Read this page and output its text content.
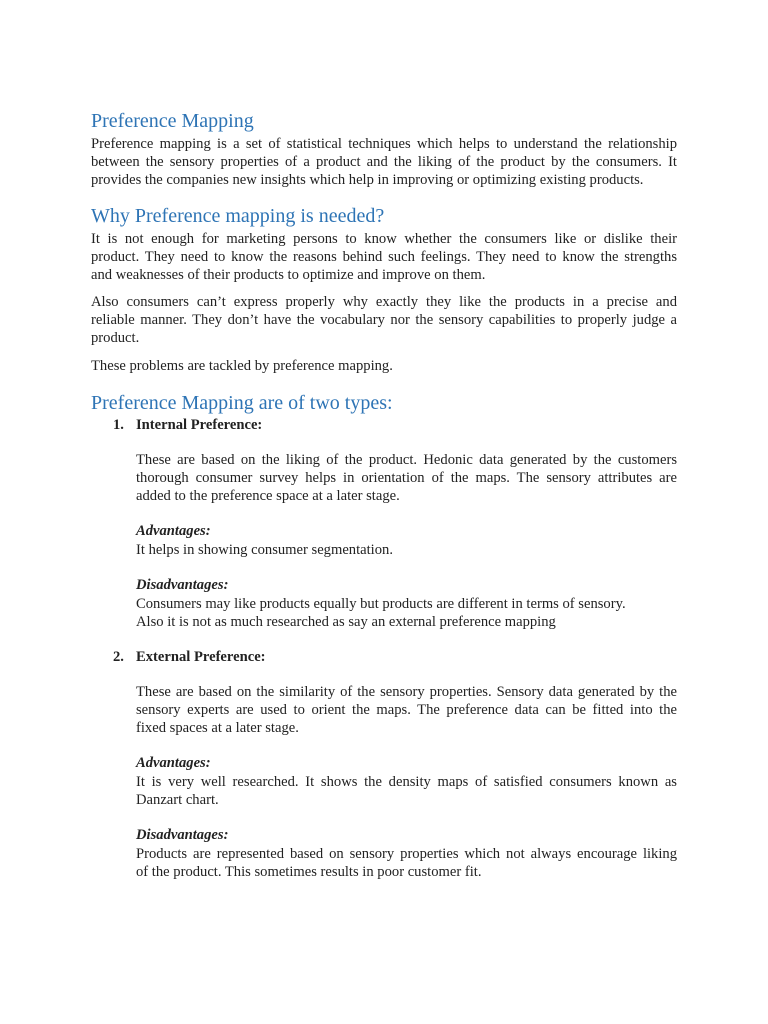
Preference Mapping
Preference mapping is a set of statistical techniques which helps to understand the relationship
between the sensory properties of a product and the liking of the product by the consumers. It
provides the companies new insights which help in improving or optimizing existing products.
Why Preference mapping is needed?
It is not enough for marketing persons to know whether the consumers like or dislike their
product. They need to know the reasons behind such feelings. They need to know the strengths
and weaknesses of their products to optimize and improve on them.
Also consumers can’t express properly why exactly they like the products in a precise and
reliable manner. They don’t have the vocabulary nor the sensory capabilities to properly judge a
product.
These problems are tackled by preference mapping.
Preference Mapping are of two types:
1. Internal Preference:
These are based on the liking of the product. Hedonic data generated by the customers
thorough consumer survey helps in orientation of the maps. The sensory attributes are
added to the preference space at a later stage.
Advantages:
It helps in showing consumer segmentation.
Disadvantages:
Consumers may like products equally but products are different in terms of sensory.
Also it is not as much researched as say an external preference mapping
2. External Preference:
These are based on the similarity of the sensory properties. Sensory data generated by the
sensory experts are used to orient the maps. The preference data can be fitted into the
fixed spaces at a later stage.
Advantages:
It is very well researched. It shows the density maps of satisfied consumers known as
Danzart chart.
Disadvantages:
Products are represented based on sensory properties which not always encourage liking
of the product. This sometimes results in poor customer fit.
